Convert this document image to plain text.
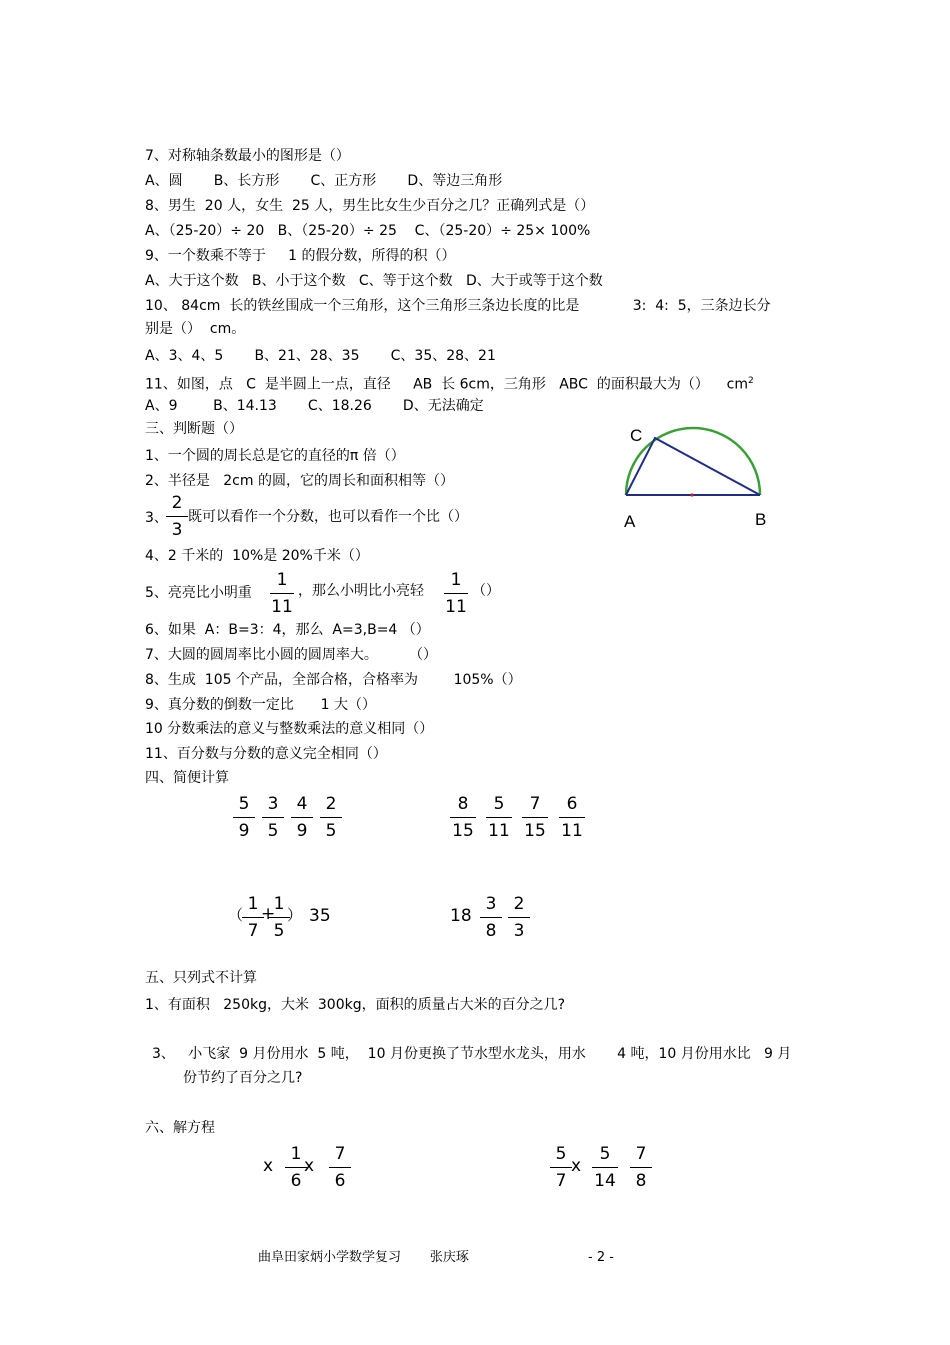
7、对称轴条数最小的图形是（）
A、圆       B、长方形       C、正方形       D、等边三角形
8、男生  20 人，女生  25 人，男生比女生少百分之几？正确列式是（）
A、（25-20）÷ 20   B、（25-20）÷ 25    C、（25-20）÷ 25× 100%
9、一个数乘不等于     1 的假分数，所得的积（）
A、大于这个数   B、小于这个数   C、等于这个数   D、大于或等于这个数
10、 84cm  长的铁丝围成一个三角形，这个三角形三条边长度的比是            3:  4:  5，三条边长分
别是（）  cm。
A、3、4、5       B、21、28、35       C、35、28、21
11、如图，点   C  是半圆上一点，直径     AB  长 6cm，三角形   ABC  的面积最大为（）    $cm^2$
A、9        B、14.13       C、18.26       D、无法确定
C
A	B
三、判断题（）
1、一个圆的周长总是它的直径的π 倍（）
2、半径是   2cm 的圆，它的周长和面积相等（）
3、
2
3
既可以看作一个分数，也可以看作一个比（）
4、2 千米的  10%是 20%千米（）
5、亮亮比小明重
1
11
，那么小明比小亮轻
1
11
（）
6、如果  A：B=3：4，那么  A=3,B=4 （）
7、大圆的圆周率比小圆的圆周率大。       （）
8、生成  105 个产品，全部合格，合格率为        105%（）
9、真分数的倒数一定比      1 大（）
10 分数乘法的意义与整数乘法的意义相同（）
11、百分数与分数的意义完全相同（）
四、简便计算
5
9
3
5
4
9
2
5
8
15
5
11
7
15
6
11
（
1
7
+
1
5
） 35	18
3
8
2
3
五、只列式不计算
1、有面积   250kg，大米  300kg，面积的质量占大米的百分之几?
3、   小飞家  9 月份用水  5 吨，  10 月份更换了节水型水龙头，用水       4 吨，10 月份用水比   9 月
份节约了百分之几?
六、解方程
x
1
6
x
7
6
5
7
x
5
14
7
8
曲阜田家炳小学数学复习       张庆琢	- 2 -
